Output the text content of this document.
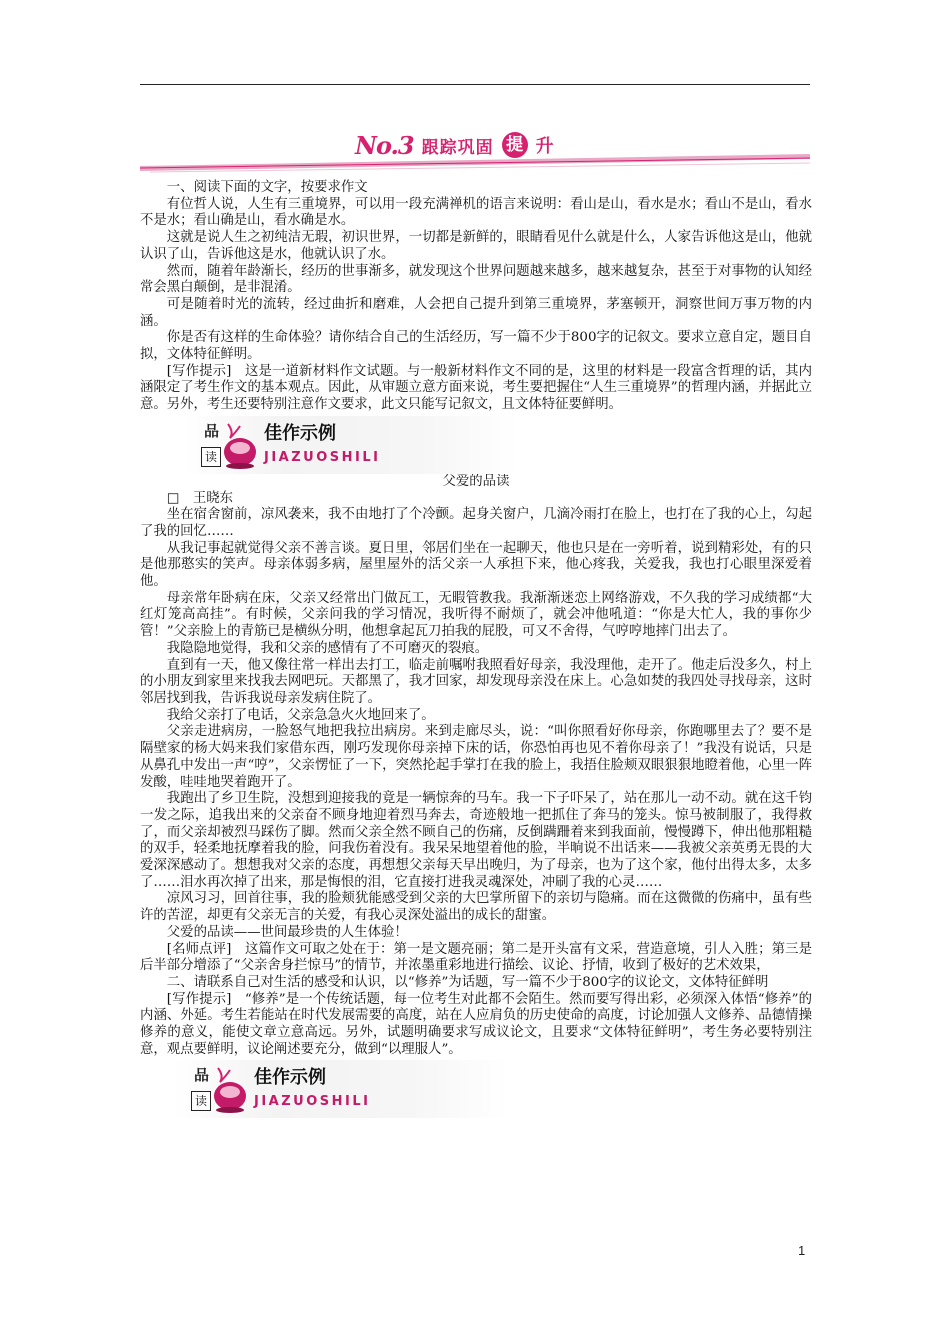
No.3 跟踪巩固 提 升

一、阅读下面的文字，按要求作文

有位哲人说，人生有三重境界，可以用一段充满禅机的语言来说明：看山是山，看水是水；看山不是山，看水不是水；看山确是山，看水确是水。

这就是说人生之初纯洁无瑕，初识世界，一切都是新鲜的，眼睛看见什么就是什么，人家告诉他这是山，他就认识了山，告诉他这是水，他就认识了水。

然而，随着年龄渐长，经历的世事渐多，就发现这个世界问题越来越多，越来越复杂，甚至于对事物的认知经常会黑白颠倒，是非混淆。

可是随着时光的流转，经过曲折和磨难，人会把自己提升到第三重境界，茅塞顿开，洞察世间万事万物的内涵。

你是否有这样的生命体验？请你结合自己的生活经历，写一篇不少于800字的记叙文。要求立意自定，题目自拟，文体特征鲜明。

[写作提示]　这是一道新材料作文试题。与一般新材料作文不同的是，这里的材料是一段富含哲理的话，其内涵限定了考生作文的基本观点。因此，从审题立意方面来说，考生要把握住“人生三重境界”的哲理内涵，并据此立意。另外，考生还要特别注意作文要求，此文只能写记叙文，且文体特征要鲜明。

品
读
佳作示例
JIAZUOSHILI

父爱的品读

□　王晓东

坐在宿舍窗前，凉风袭来，我不由地打了个冷颤。起身关窗户，几滴冷雨打在脸上，也打在了我的心上，勾起了我的回忆……

从我记事起就觉得父亲不善言谈。夏日里，邻居们坐在一起聊天，他也只是在一旁听着，说到精彩处，有的只是他那憨实的笑声。母亲体弱多病，屋里屋外的活父亲一人承担下来，他心疼我，关爱我，我也打心眼里深爱着他。

母亲常年卧病在床，父亲又经常出门做瓦工，无暇管教我。我渐渐迷恋上网络游戏，不久我的学习成绩都“大红灯笼高高挂”。有时候，父亲问我的学习情况，我听得不耐烦了，就会冲他吼道：“你是大忙人，我的事你少管！”父亲脸上的青筋已是横纵分明，他想拿起瓦刀拍我的屁股，可又不舍得，气哼哼地摔门出去了。

我隐隐地觉得，我和父亲的感情有了不可磨灭的裂痕。

直到有一天，他又像往常一样出去打工，临走前嘱咐我照看好母亲，我没理他，走开了。他走后没多久，村上的小朋友到家里来找我去网吧玩。天都黑了，我才回家，却发现母亲没在床上。心急如焚的我四处寻找母亲，这时邻居找到我，告诉我说母亲发病住院了。

我给父亲打了电话，父亲急急火火地回来了。

父亲走进病房，一脸怒气地把我拉出病房。来到走廊尽头，说：“叫你照看好你母亲，你跑哪里去了？要不是隔壁家的杨大妈来我们家借东西，刚巧发现你母亲掉下床的话，你恐怕再也见不着你母亲了！”我没有说话，只是从鼻孔中发出一声“哼”，父亲愣怔了一下，突然抡起手掌打在我的脸上，我捂住脸颊双眼狠狠地瞪着他，心里一阵发酸，哇哇地哭着跑开了。

我跑出了乡卫生院，没想到迎接我的竟是一辆惊奔的马车。我一下子吓呆了，站在那儿一动不动。就在这千钧一发之际，追我出来的父亲奋不顾身地迎着烈马奔去，奇迹般地一把抓住了奔马的笼头。惊马被制服了，我得救了，而父亲却被烈马踩伤了脚。然而父亲全然不顾自己的伤痛，反倒蹒跚着来到我面前，慢慢蹲下，伸出他那粗糙的双手，轻柔地抚摩着我的脸，问我伤着没有。我呆呆地望着他的脸，半晌说不出话来——我被父亲英勇无畏的大爱深深感动了。想想我对父亲的态度，再想想父亲每天早出晚归，为了母亲，也为了这个家，他付出得太多，太多了……泪水再次掉了出来，那是悔恨的泪，它直接打进我灵魂深处，冲刷了我的心灵……

凉风习习，回首往事，我的脸颊犹能感受到父亲的大巴掌所留下的亲切与隐痛。而在这微微的伤痛中，虽有些许的苦涩，却更有父亲无言的关爱，有我心灵深处溢出的成长的甜蜜。

父爱的品读——世间最珍贵的人生体验！

[名师点评]　这篇作文可取之处在于：第一是文题亮丽；第二是开头富有文采，营造意境，引人入胜；第三是后半部分增添了“父亲舍身拦惊马”的情节，并浓墨重彩地进行描绘、议论、抒情，收到了极好的艺术效果，

二、请联系自己对生活的感受和认识，以“修养”为话题，写一篇不少于800字的议论文，文体特征鲜明

[写作提示]　“修养”是一个传统话题，每一位考生对此都不会陌生。然而要写得出彩，必须深入体悟“修养”的内涵、外延。考生若能站在时代发展需要的高度，站在人应肩负的历史使命的高度，讨论加强人文修养、品德情操修养的意义，能使文章立意高远。另外，试题明确要求写成议论文，且要求“文体特征鲜明”，考生务必要特别注意，观点要鲜明，议论阐述要充分，做到“以理服人”。

品
读
佳作示例
JIAZUOSHILI
1
